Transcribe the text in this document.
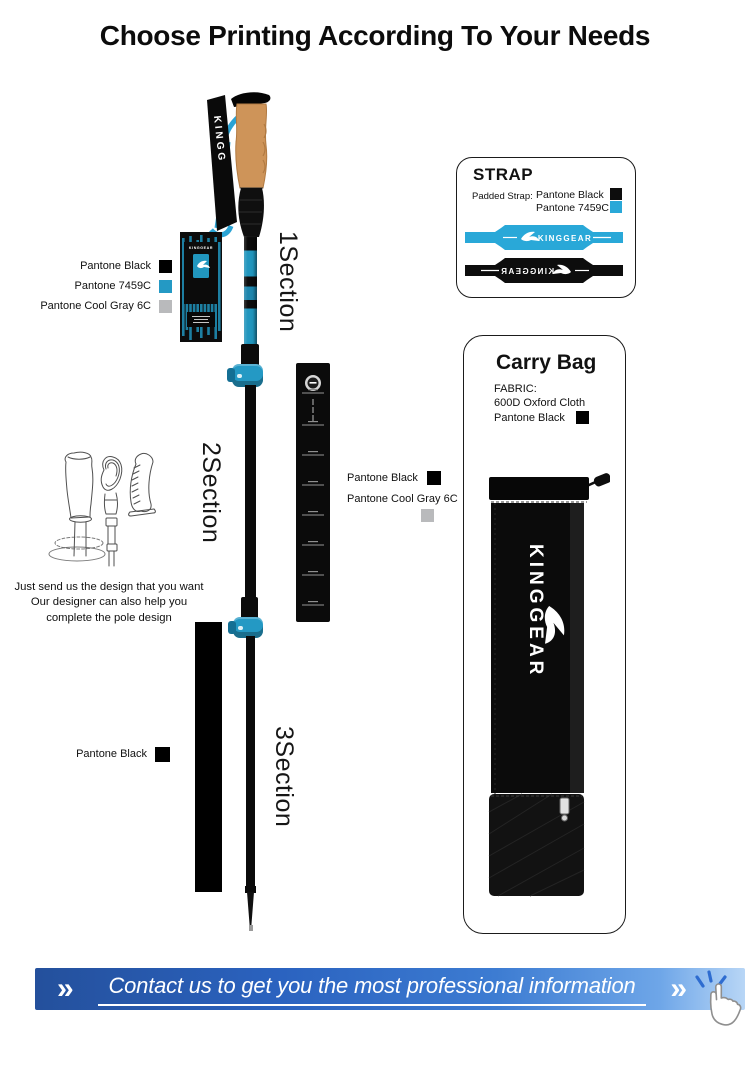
Choose Printing According To Your Needs
KINGG
KINGGEAR 1Section
2Section
3Section
Pantone Black
Pantone 7459C
Pantone Cool Gray 6C
Pantone Black
Pantone Cool Gray 6C
Pantone Black
Just send us the design that you want
Our designer can also help you
complete the pole design
STRAP
Padded Strap: Pantone Black
Pantone 7459C
KINGGEAR
KINGGEAR
Carry Bag
FABRIC:
600D Oxford Cloth
Pantone Black
KINGGEAR
»	Contact us to get you the most professional information	»
